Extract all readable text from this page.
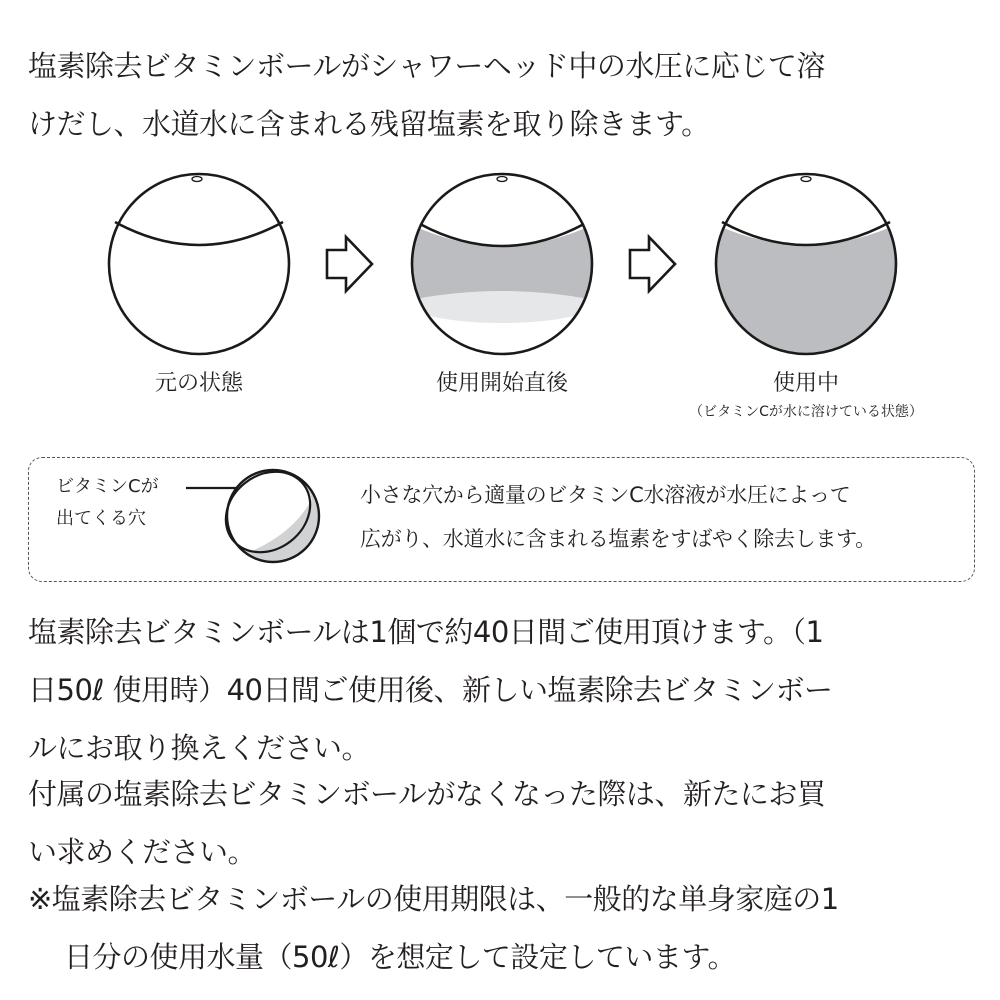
塩素除去ビタミンボールがシャワーヘッド中の水圧に応じて溶
けだし、水道水に含まれる残留塩素を取り除きます。
元の状態	使用開始直後	使用中
（ビタミンCが水に溶けている状態）
ビタミンCが
出てくる穴
小さな穴から適量のビタミンC水溶液が水圧によって
広がり、水道水に含まれる塩素をすばやく除去します。
塩素除去ビタミンボールは1個で約40日間ご使用頂けます。（1
日50ℓ 使用時）40日間ご使用後、新しい塩素除去ビタミンボー
ルにお取り換えください。
付属の塩素除去ビタミンボールがなくなった際は、新たにお買
い求めください。
※塩素除去ビタミンボールの使用期限は、一般的な単身家庭の1
日分の使用水量（50ℓ）を想定して設定しています。
